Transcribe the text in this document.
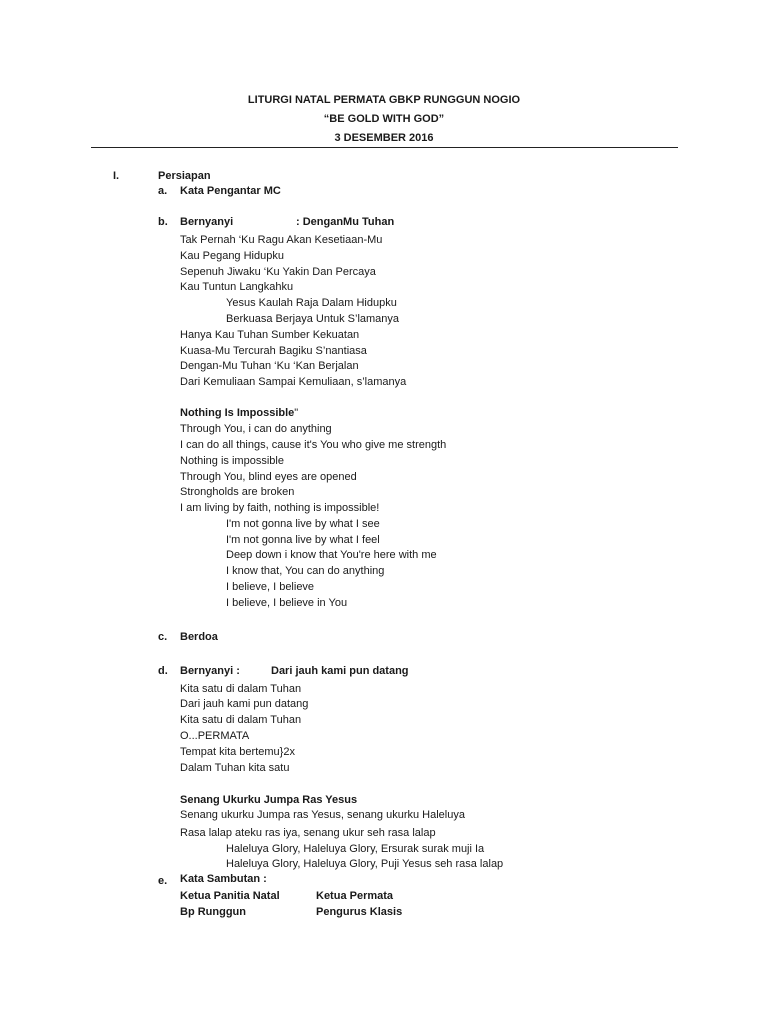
LITURGI NATAL PERMATA GBKP RUNGGUN NOGIO
“BE GOLD WITH GOD”
3 DESEMBER 2016
I.	Persiapan
a. Kata Pengantar MC
b. Bernyanyi	: DenganMu Tuhan
Tak Pernah ‘Ku Ragu Akan Kesetiaan-Mu
Kau Pegang Hidupku
Sepenuh Jiwaku ‘Ku Yakin Dan Percaya
Kau Tuntun Langkahku
Yesus Kaulah Raja Dalam Hidupku
Berkuasa Berjaya Untuk S’lamanya
Hanya Kau Tuhan Sumber Kekuatan
Kuasa-Mu Tercurah Bagiku S’nantiasa
Dengan-Mu Tuhan ‘Ku ‘Kan Berjalan
Dari Kemuliaan Sampai Kemuliaan, s’lamanya
Nothing Is Impossible"
Through You, i can do anything
I can do all things, cause it's You who give me strength
Nothing is impossible
Through You, blind eyes are opened
Strongholds are broken
I am living by faith, nothing is impossible!
I'm not gonna live by what I see
I'm not gonna live by what I feel
Deep down i know that You're here with me
I know that, You can do anything
I believe, I believe
I believe, I believe in You
c. Berdoa
d. Bernyanyi :	Dari jauh kami pun datang
Kita satu di dalam Tuhan
Dari jauh kami pun datang
Kita satu di dalam Tuhan
O...PERMATA
Tempat kita bertemu}2x
Dalam Tuhan kita satu
Senang Ukurku Jumpa Ras Yesus
Senang ukurku Jumpa ras Yesus, senang ukurku Haleluya
Rasa lalap ateku ras iya, senang ukur seh rasa lalap
Haleluya Glory, Haleluya Glory, Ersurak surak muji Ia
Haleluya Glory, Haleluya Glory, Puji Yesus seh rasa lalap
e. Kata Sambutan :
Ketua Panitia Natal	Ketua Permata
Bp Runggun	Pengurus Klasis
